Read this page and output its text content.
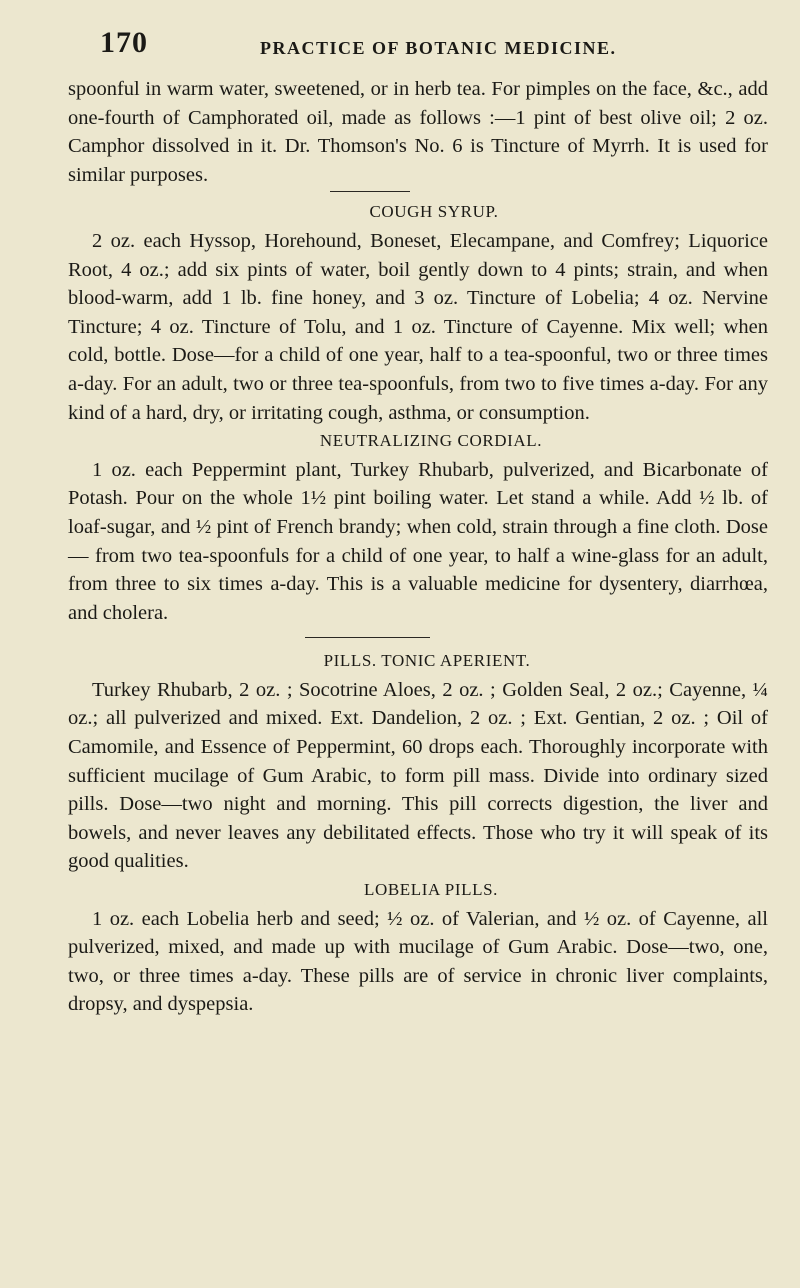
170	PRACTICE OF BOTANIC MEDICINE.

spoonful in warm water, sweetened, or in herb tea. For pimples on the face, &c., add one-fourth of Camphorated oil, made as follows :—1 pint of best olive oil; 2 oz. Camphor dissolved in it. Dr. Thomson's No. 6 is Tincture of Myrrh. It is used for similar purposes.

COUGH SYRUP.

2 oz. each Hyssop, Horehound, Boneset, Elecampane, and Comfrey; Liquorice Root, 4 oz.; add six pints of water, boil gently down to 4 pints; strain, and when blood-warm, add 1 lb. fine honey, and 3 oz. Tincture of Lobelia; 4 oz. Nervine Tincture; 4 oz. Tincture of Tolu, and 1 oz. Tincture of Cayenne. Mix well; when cold, bottle. Dose—for a child of one year, half to a tea-spoonful, two or three times a-day. For an adult, two or three tea-spoonfuls, from two to five times a-day. For any kind of a hard, dry, or irritating cough, asthma, or consumption.

NEUTRALIZING CORDIAL.

1 oz. each Peppermint plant, Turkey Rhubarb, pulverized, and Bicarbonate of Potash. Pour on the whole 1½ pint boiling water. Let stand a while. Add ½ lb. of loaf-sugar, and ½ pint of French brandy; when cold, strain through a fine cloth. Dose— from two tea-spoonfuls for a child of one year, to half a wine-glass for an adult, from three to six times a-day. This is a valuable medicine for dysentery, diarrhœa, and cholera.

PILLS. TONIC APERIENT.

Turkey Rhubarb, 2 oz. ; Socotrine Aloes, 2 oz. ; Golden Seal, 2 oz.; Cayenne, ¼ oz.; all pulverized and mixed. Ext. Dandelion, 2 oz. ; Ext. Gentian, 2 oz. ; Oil of Camomile, and Essence of Peppermint, 60 drops each. Thoroughly incorporate with sufficient mucilage of Gum Arabic, to form pill mass. Divide into ordinary sized pills. Dose—two night and morning. This pill corrects digestion, the liver and bowels, and never leaves any debilitated effects. Those who try it will speak of its good qualities.

LOBELIA PILLS.

1 oz. each Lobelia herb and seed; ½ oz. of Valerian, and ½ oz. of Cayenne, all pulverized, mixed, and made up with mucilage of Gum Arabic. Dose—two, one, two, or three times a-day. These pills are of service in chronic liver complaints, dropsy, and dyspepsia.
